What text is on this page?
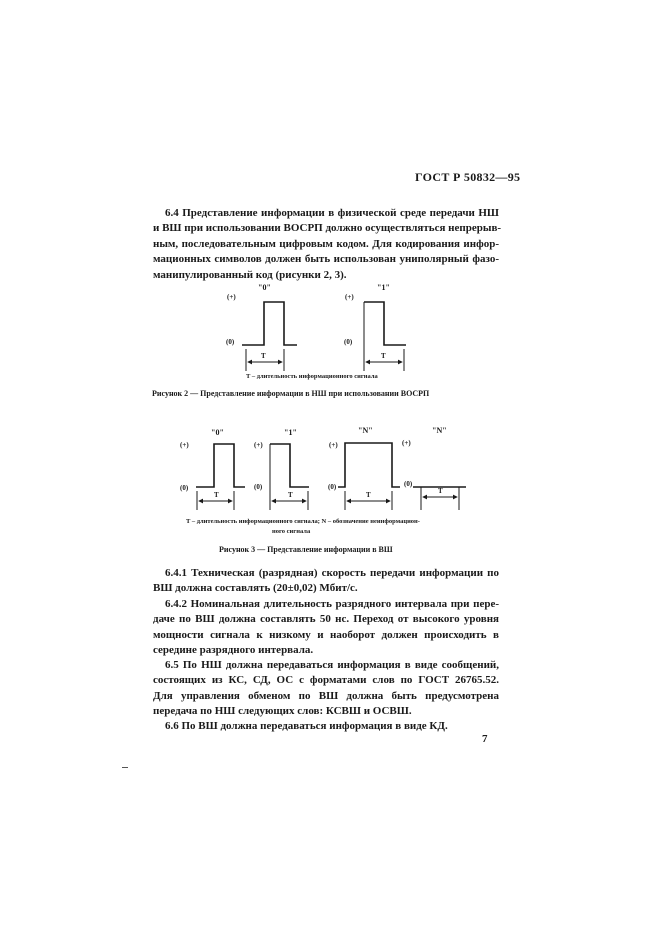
ГОСТ Р 50832—95
6.4 Представление информации в физической среде передачи НШ
и ВШ при использовании ВОСРП должно осуществляться непрерыв-
ным, последовательным цифровым кодом. Для кодирования инфор-
мационных символов должен быть использован униполярный фазо-
манипулированный код (рисунки 2, 3).
"0"	"1"
(+)	(+)
(0)	(0)
T	T
T – длительность информационного сигнала
Рисунок 2 — Представление информации в НШ при использовании ВОСРП
"0"	"1"	"N"	"N"
(+)	(+)	(+)	(+)
(0)	(0)	(0)	(0)
T	T	T	T
T – длительность информационного сигнала; N – обозначение неинформацион-
ного сигнала
Рисунок 3 — Представление информации в ВШ
6.4.1 Техническая (разрядная) скорость передачи информации по
ВШ должна составлять (20±0,02) Мбит/с.
6.4.2 Номинальная длительность разрядного интервала при пере-
даче по ВШ должна составлять 50 нс. Переход от высокого уровня
мощности сигнала к низкому и наоборот должен происходить в
середине разрядного интервала.
6.5 По НШ должна передаваться информация в виде сообщений,
состоящих из КС, СД, ОС с форматами слов по ГОСТ 26765.52.
Для управления обменом по ВШ должна быть предусмотрена
передача по НШ следующих слов: КСВШ и ОСВШ.
6.6 По ВШ должна передаваться информация в виде КД.
7
